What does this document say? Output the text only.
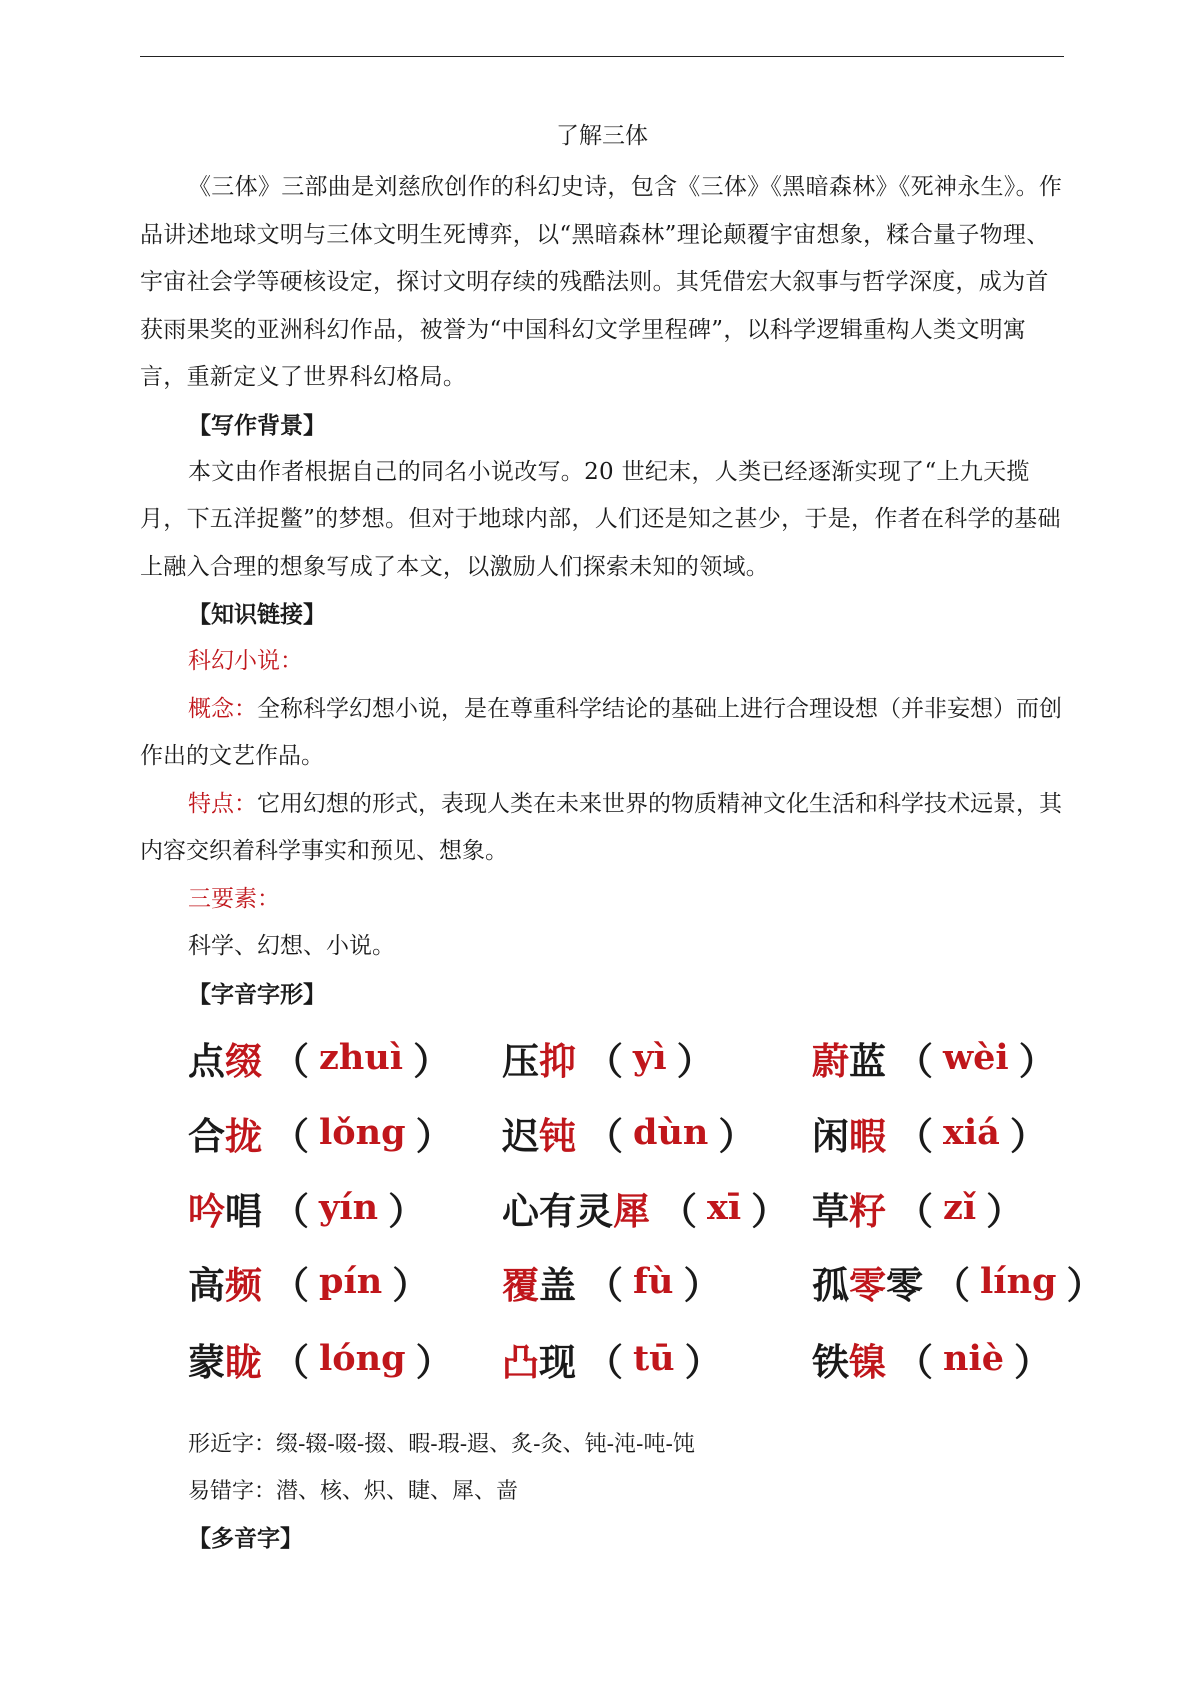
了解三体

《三体》三部曲是刘慈欣创作的科幻史诗，包含《三体》《黑暗森林》《死神永生》。作品讲述地球文明与三体文明生死博弈，以“黑暗森林”理论颠覆宇宙想象，糅合量子物理、宇宙社会学等硬核设定，探讨文明存续的残酷法则。其凭借宏大叙事与哲学深度，成为首获雨果奖的亚洲科幻作品，被誉为“中国科幻文学里程碑”，以科学逻辑重构人类文明寓言，重新定义了世界科幻格局。

【写作背景】

本文由作者根据自己的同名小说改写。20 世纪末，人类已经逐渐实现了“上九天揽月，下五洋捉鳖”的梦想。但对于地球内部，人们还是知之甚少，于是，作者在科学的基础上融入合理的想象写成了本文，以激励人们探索未知的领域。

【知识链接】

科幻小说：

概念：全称科学幻想小说，是在尊重科学结论的基础上进行合理设想（并非妄想）而创作出的文艺作品。

特点：它用幻想的形式，表现人类在未来世界的物质精神文化生活和科学技术远景，其内容交织着科学事实和预见、想象。

三要素：

科学、幻想、小说。

【字音字形】

点缀 （ zhuì ） 压抑 （ yì ）	蔚蓝 （ wèi ）
合拢 （ lǒng ） 迟钝 （ dùn ） 闲暇 （ xiá ）
吟唱 （ yín ） 心有灵犀 （ xī ） 草籽 （ zǐ ）
高频 （ pín ） 覆盖 （ fù ） 孤零零 （ líng ）
蒙眬 （ lóng ） 凸现 （ tū ） 铁镍 （ niè ）

形近字：缀-辍-啜-掇、暇-瑕-遐、炙-灸、钝-沌-吨-饨

易错字：潜、核、炽、睫、犀、啬

【多音字】
